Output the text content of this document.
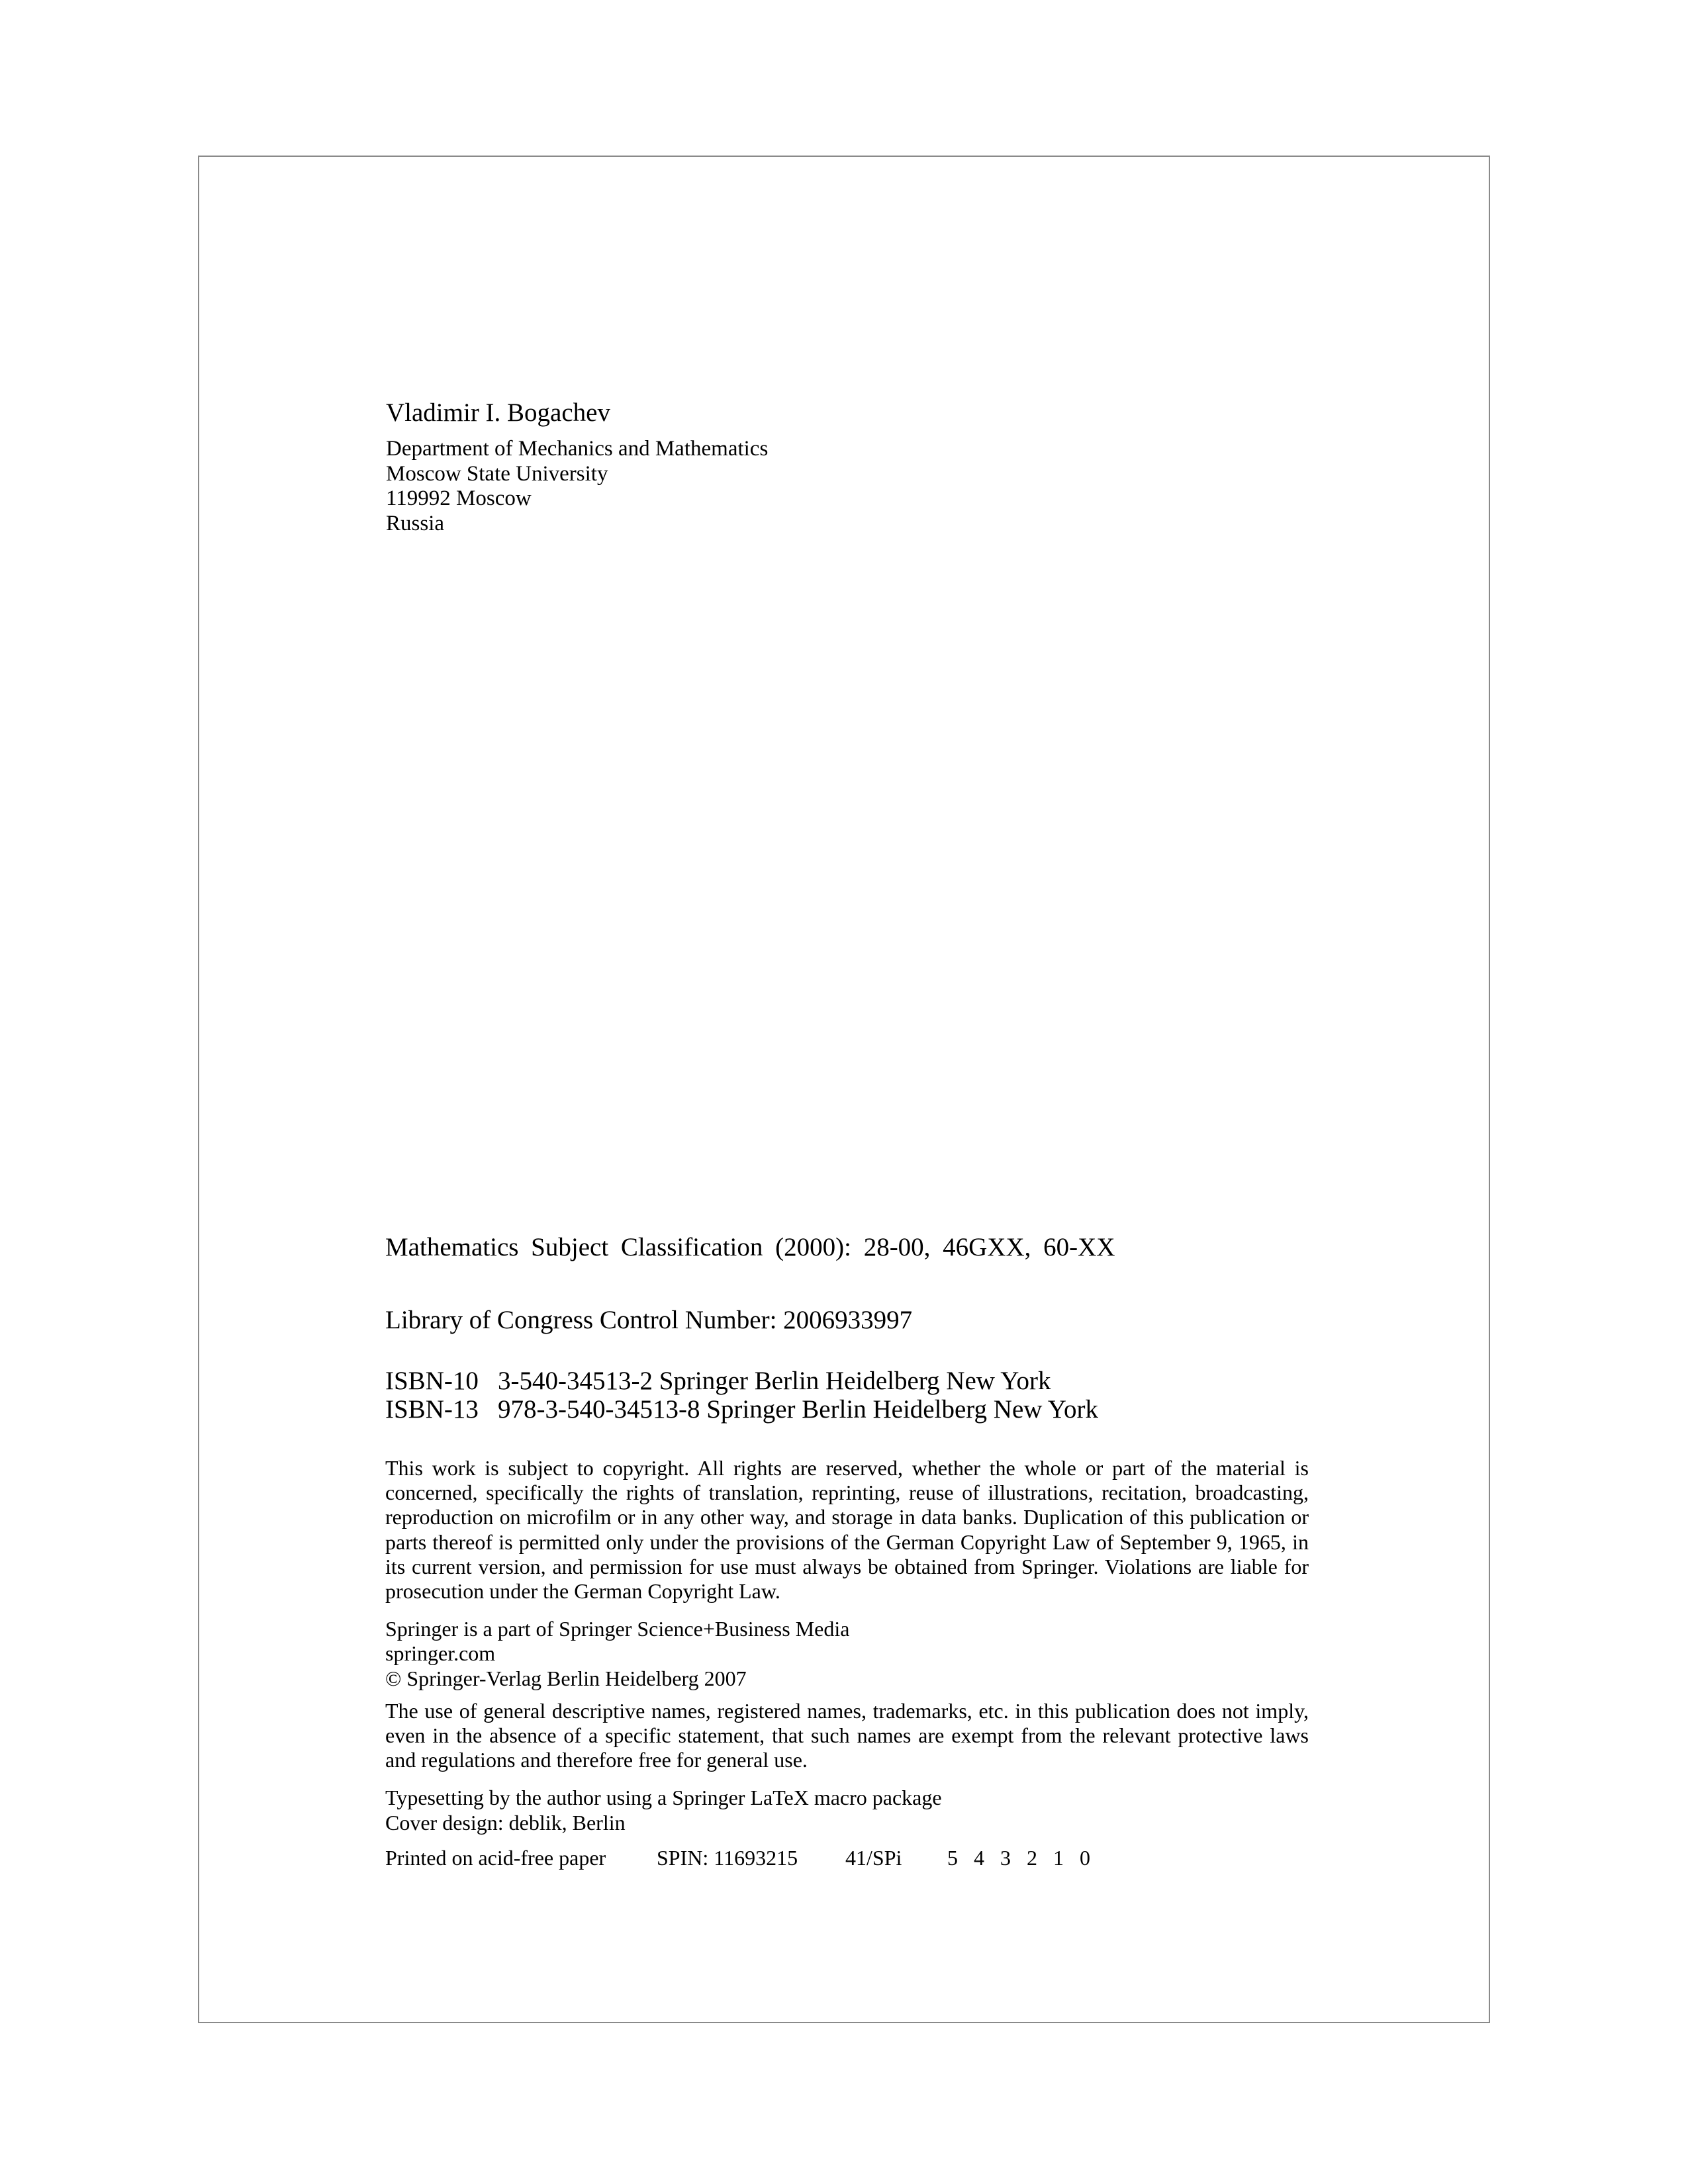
Vladimir I. Bogachev
Department of Mechanics and Mathematics
Moscow State University
119992 Moscow
Russia
Mathematics Subject Classification (2000): 28-00, 46GXX, 60-XX
Library of Congress Control Number: 2006933997
ISBN-10 3-540-34513-2 Springer Berlin Heidelberg New York
ISBN-13 978-3-540-34513-8 Springer Berlin Heidelberg New York

This work is subject to copyright. All rights are reserved, whether the whole or part of the material is concerned, specifically the rights of translation, reprinting, reuse of illustrations, recitation, broadcasting, reproduction on microfilm or in any other way, and storage in data banks. Duplication of this publication or parts thereof is permitted only under the provisions of the German Copyright Law of September 9, 1965, in its current version, and permission for use must always be obtained from Springer. Violations are liable for prosecution under the German Copyright Law.

Springer is a part of Springer Science+Business Media

springer.com

© Springer-Verlag Berlin Heidelberg 2007

The use of general descriptive names, registered names, trademarks, etc. in this publication does not imply, even in the absence of a specific statement, that such names are exempt from the relevant protective laws and regulations and therefore free for general use.

Typesetting by the author using a Springer LaTeX macro package

Cover design: deblik, Berlin

Printed on acid-free paper SPIN: 11693215 41/SPi 5 4 3 2 1 0
